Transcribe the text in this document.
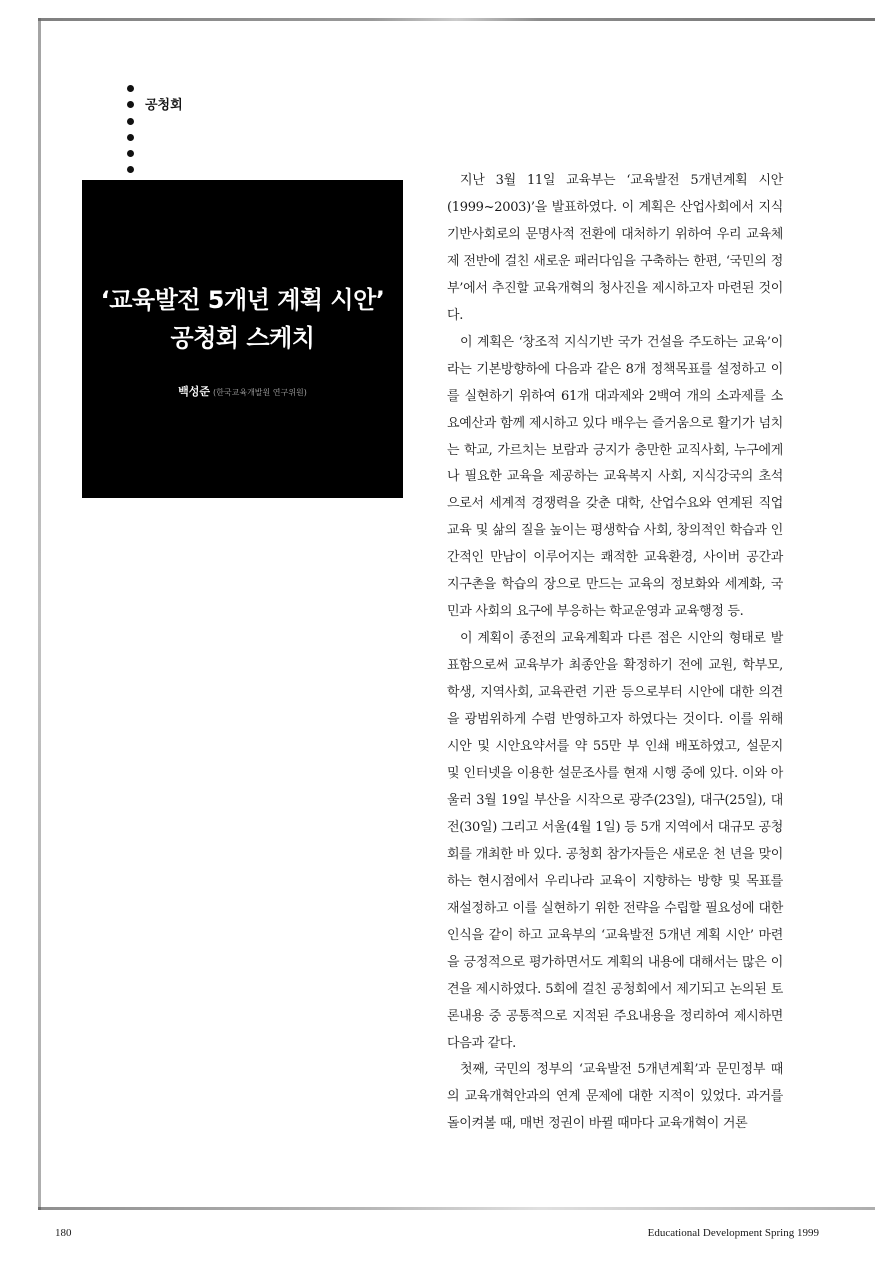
공청회
‘교육발전 5개년 계획 시안’
공청회 스케치
백성준 (한국교육개발원 연구위원)

지난 3월 11일 교육부는 ‘교육발전 5개년계획 시안(1999~2003)’을 발표하였다. 이 계획은 산업사회에서 지식기반사회로의 문명사적 전환에 대처하기 위하여 우리 교육체제 전반에 걸친 새로운 패러다임을 구축하는 한편, ‘국민의 정부’에서 추진할 교육개혁의 청사진을 제시하고자 마련된 것이다.

이 계획은 ‘창조적 지식기반 국가 건설을 주도하는 교육’이라는 기본방향하에 다음과 같은 8개 정책목표를 설정하고 이를 실현하기 위하여 61개 대과제와 2백여 개의 소과제를 소요예산과 함께 제시하고 있다 배우는 즐거움으로 활기가 넘치는 학교, 가르치는 보람과 긍지가 충만한 교직사회, 누구에게나 필요한 교육을 제공하는 교육복지 사회, 지식강국의 초석으로서 세계적 경쟁력을 갖춘 대학, 산업수요와 연계된 직업교육 및 삶의 질을 높이는 평생학습 사회, 창의적인 학습과 인간적인 만남이 이루어지는 쾌적한 교육환경, 사이버 공간과 지구촌을 학습의 장으로 만드는 교육의 정보화와 세계화, 국민과 사회의 요구에 부응하는 학교운영과 교육행정 등.

이 계획이 종전의 교육계획과 다른 점은 시안의 형태로 발표함으로써 교육부가 최종안을 확정하기 전에 교원, 학부모, 학생, 지역사회, 교육관련 기관 등으로부터 시안에 대한 의견을 광범위하게 수렴 반영하고자 하였다는 것이다. 이를 위해 시안 및 시안요약서를 약 55만 부 인쇄 배포하였고, 설문지 및 인터넷을 이용한 설문조사를 현재 시행 중에 있다. 이와 아울러 3월 19일 부산을 시작으로 광주(23일), 대구(25일), 대전(30일) 그리고 서울(4월 1일) 등 5개 지역에서 대규모 공청회를 개최한 바 있다. 공청회 참가자들은 새로운 천 년을 맞이하는 현시점에서 우리나라 교육이 지향하는 방향 및 목표를 재설정하고 이를 실현하기 위한 전략을 수립할 필요성에 대한 인식을 같이 하고 교육부의 ‘교육발전 5개년 계획 시안’ 마련을 긍정적으로 평가하면서도 계획의 내용에 대해서는 많은 이견을 제시하였다. 5회에 걸친 공청회에서 제기되고 논의된 토론내용 중 공통적으로 지적된 주요내용을 정리하여 제시하면 다음과 같다.

첫째, 국민의 정부의 ‘교육발전 5개년계획’과 문민정부 때의 교육개혁안과의 연계 문제에 대한 지적이 있었다. 과거를 돌이켜볼 때, 매번 정권이 바뀔 때마다 교육개혁이 거론

180	Educational Development Spring 1999
